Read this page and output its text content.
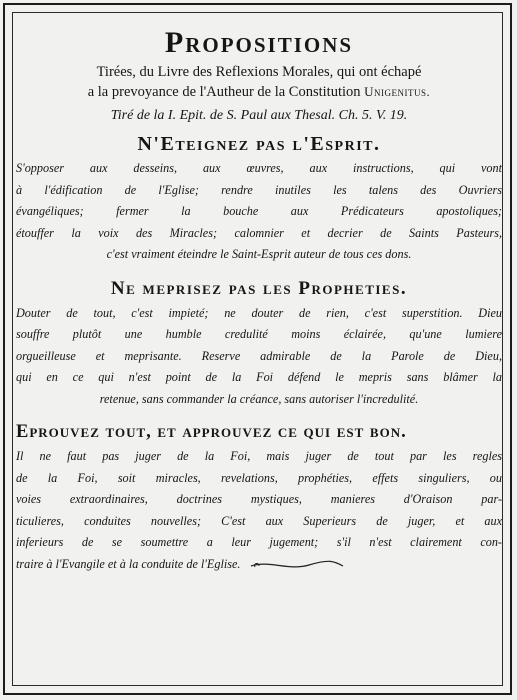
Propositions
Tirées, du Livre des Reflexions Morales, qui ont échapé
a la prevoyance de l'Autheur de la Constitution Unigenitus.
Tiré de la I. Epit. de S. Paul aux Thesal. Ch. 5. V. 19.
N'Eteignez pas l'Esprit.
S'opposer aux desseins, aux œuvres, aux instructions, qui vont
à l'édification de l'Eglise; rendre inutiles les talens des Ouvriers
évangéliques; fermer la bouche aux Prédicateurs apostoliques;
étouffer la voix des Miracles; calomnier et decrier de Saints Pasteurs,
c'est vraiment éteindre le Saint-Esprit auteur de tous ces dons.
Ne meprisez pas les Propheties.
Douter de tout, c'est impieté; ne douter de rien, c'est superstition. Dieu
souffre plutôt une humble credulité moins éclairée, qu'une lumiere
orgueilleuse et meprisante. Reserve admirable de la Parole de Dieu,
qui en ce qui n'est point de la Foi défend le mepris sans blâmer la
retenue, sans commander la créance, sans autoriser l'incredulité.
Eprouvez tout, et approuvez ce qui est bon.
Il ne faut pas juger de la Foi, mais juger de tout par les regles
de la Foi, soit miracles, revelations, prophéties, effets singuliers, ou
voies extraordinaires, doctrines mystiques, manieres d'Oraison par-
ticulieres, conduites nouvelles; C'est aux Superieurs de juger, et aux
inferieurs de se soumettre a leur jugement; s'il n'est clairement con-
traire à l'Evangile et à la conduite de l'Eglise.
